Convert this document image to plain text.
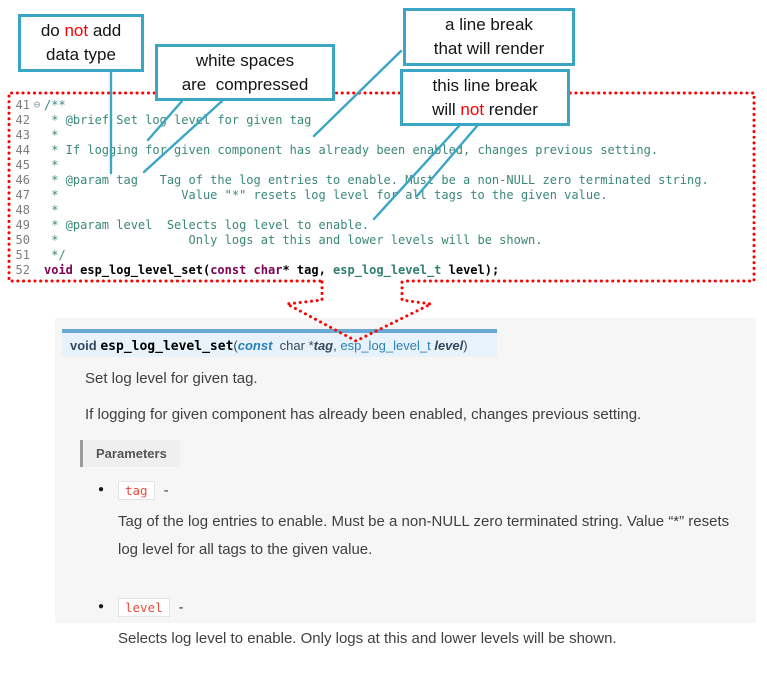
41 ⊖ /**
42 * @brief Set log level for given tag
43 *
44 * If logging for given component has already been enabled, changes previous setting.
45 *
46 * @param tag   Tag of the log entries to enable. Must be a non-NULL zero terminated string.
47 *                 Value "*" resets log level for all tags to the given value.
48 *
49 * @param level  Selects log level to enable.
50 *                  Only logs at this and lower levels will be shown.
51 */
52 void esp_log_level_set(const char* tag, esp_log_level_t level);
do not add
data type	white spaces
are  compressed
a line break
that will render
this line break
will not render
void esp_log_level_set(const char *tag, esp_log_level_t level)
Set log level for given tag.
If logging for given component has already been enabled, changes previous setting.
Parameters
●	tag	-
Tag of the log entries to enable. Must be a non-NULL zero terminated string. Value “*” resets log level for all tags to the given value.
●	level	-
Selects log level to enable. Only logs at this and lower levels will be shown.
